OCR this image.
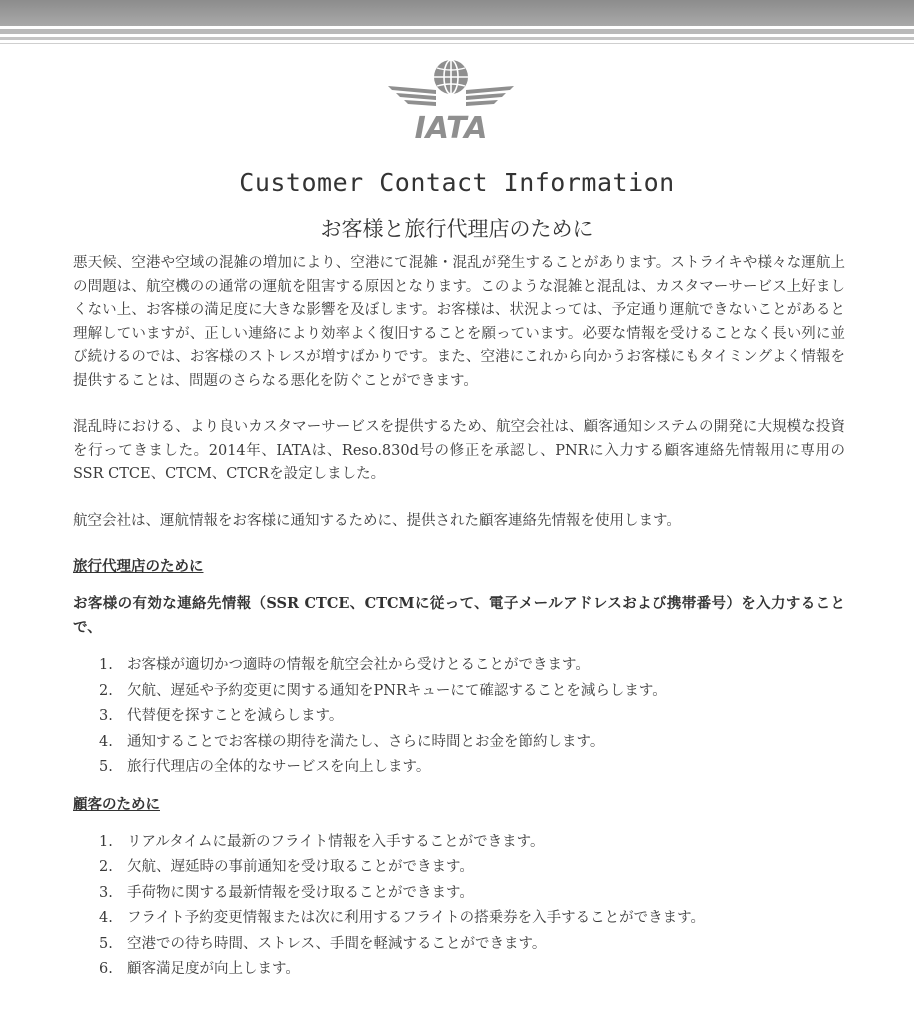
IATA
Customer Contact Information
お客様と旅行代理店のために

悪天候、空港や空域の混雑の増加により、空港にて混雑・混乱が発生することがあります。ストライキや様々な運航上の問題は、航空機のの通常の運航を阻害する原因となります。このような混雑と混乱は、カスタマーサービス上好ましくない上、お客様の満足度に大きな影響を及ぼします。お客様は、状況よっては、予定通り運航できないことがあると理解していますが、正しい連絡により効率よく復旧することを願っています。必要な情報を受けることなく長い列に並び続けるのでは、お客様のストレスが増すばかりです。また、空港にこれから向かうお客様にもタイミングよく情報を提供することは、問題のさらなる悪化を防ぐことができます。

混乱時における、より良いカスタマーサービスを提供するため、航空会社は、顧客通知システムの開発に大規模な投資を行ってきました。2014年、IATAは、Reso.830d号の修正を承認し、PNRに入力する顧客連絡先情報用に専用のSSR CTCE、CTCM、CTCRを設定しました。

航空会社は、運航情報をお客様に通知するために、提供された顧客連絡先情報を使用します。

旅行代理店のために

お客様の有効な連絡先情報（SSR CTCE、CTCMに従って、電子メールアドレスおよび携帯番号）を入力することで、

1. お客様が適切かつ適時の情報を航空会社から受けとることができます。
2. 欠航、遅延や予約変更に関する通知をPNRキューにて確認することを減らします。
3. 代替便を探すことを減らします。
4. 通知することでお客様の期待を満たし、さらに時間とお金を節約します。
5. 旅行代理店の全体的なサービスを向上します。
顧客のために
1. リアルタイムに最新のフライト情報を入手することができます。
2. 欠航、遅延時の事前通知を受け取ることができます。
3. 手荷物に関する最新情報を受け取ることができます。
4. フライト予約変更情報または次に利用するフライトの搭乗券を入手することができます。
5. 空港での待ち時間、ストレス、手間を軽減することができます。
6. 顧客満足度が向上します。
